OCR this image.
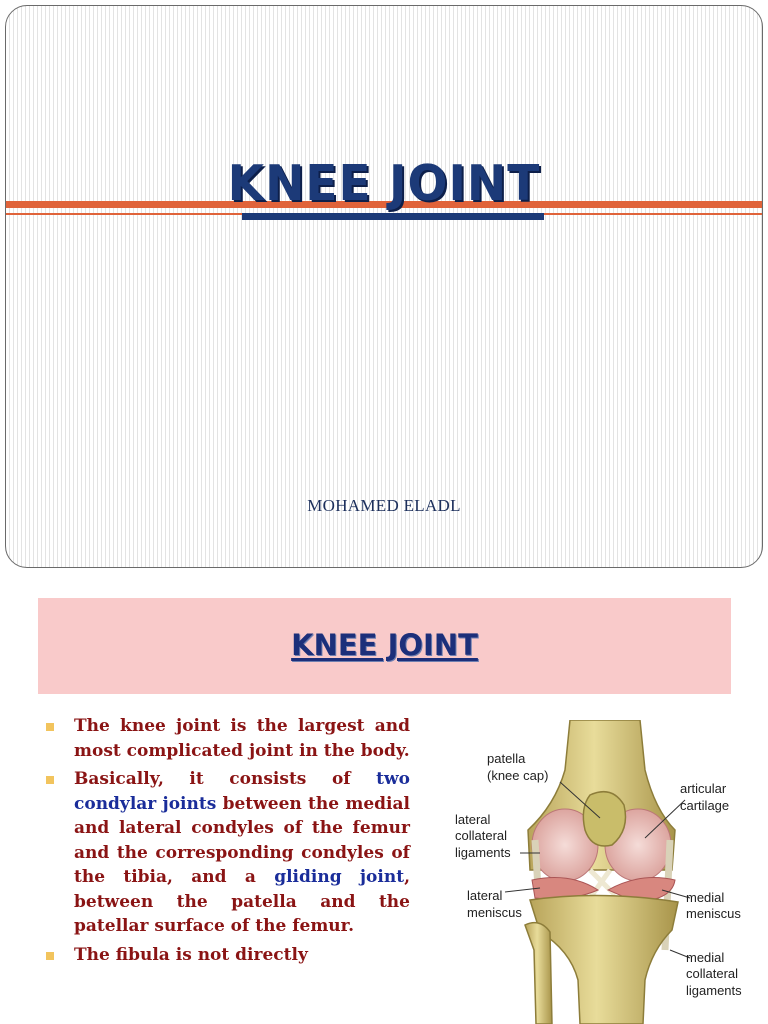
KNEE JOINT
MOHAMED ELADL
KNEE JOINT
The knee joint is the largest and most complicated joint in the body.
Basically, it consists of two condylar joints between the medial and lateral condyles of the femur and the corresponding condyles of the tibia, and a gliding joint, between the patella and the patellar surface of the femur.
The fibula is not directly
patella
(knee cap)
articular
cartilage
lateral
collateral
ligaments
lateral
meniscus
medial
meniscus
medial
collateral
ligaments
